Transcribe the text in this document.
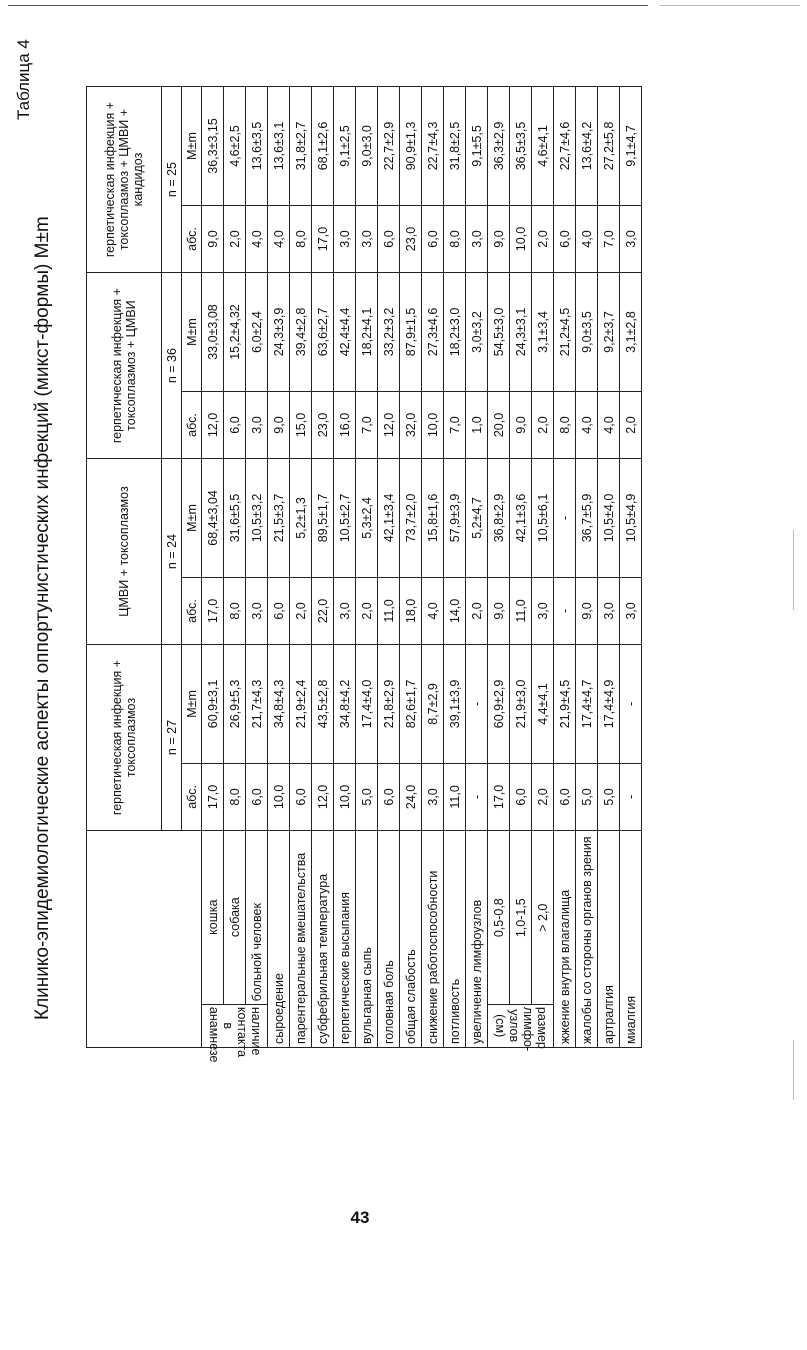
43
Таблица 4
Клинико-эпидемиологические аспекты оппортунистических инфекций (микст-формы) M±m
		герпетическая инфекция + токсоплазмоз		ЦМВИ + токсоплазмоз		герпетическая инфекция + токсоплазмоз + ЦМВИ		герпетическая инфекция + токсоплазмоз + ЦМВИ + кандидоз	
		n = 27		n = 24		n = 36		n = 25	
		абс.	M±m	абс.	M±m	абс.	M±m	абс.	M±m
наличие контакта в анамнезе	кошка	17,0	60,9±3,1	17,0	68,4±3,04	12,0	33,0±3,08	9,0	36,3±3,15
	собака	8,0	26,9±5,3	8,0	31,6±5,5	6,0	15,2±4,32	2,0	4,6±2,5
	больной человек	6,0	21,7±4,3	3,0	10,5±3,2	3,0	6,0±2,4	4,0	13,6±3,5
сыроедение		10,0	34,8±4,3	6,0	21,5±3,7	9,0	24,3±3,9	4,0	13,6±3,1
парентеральные вмешательства		6,0	21,9±2,4	2,0	5,2±1,3	15,0	39,4±2,8	8,0	31,8±2,7
субфебрильная температура		12,0	43,5±2,8	22,0	89,5±1,7	23,0	63,6±2,7	17,0	68,1±2,6
герпетические высыпания		10,0	34,8±4,2	3,0	10,5±2,7	16,0	42,4±4,4	3,0	9,1±2,5
вульгарная сыпь		5,0	17,4±4,0	2,0	5,3±2,4	7,0	18,2±4,1	3,0	9,0±3,0
головная боль		6,0	21,8±2,9	11,0	42,1±3,4	12,0	33,2±3,2	6,0	22,7±2,9
общая слабость		24,0	82,6±1,7	18,0	73,7±2,0	32,0	87,9±1,5	23,0	90,9±1,3
снижение работоспособности		3,0	8,7±2,9	4,0	15,8±1,6	10,0	27,3±4,6	6,0	22,7±4,3
потливость		11,0	39,1±3,9	14,0	57,9±3,9	7,0	18,2±3,0	8,0	31,8±2,5
увеличение лимфоузлов		-	-	2,0	5,2±4,7	1,0	3,0±3,2	3,0	9,1±5,5
размер лимфо-узлов (см)	0,5-0,8	17,0	60,9±2,9	9,0	36,8±2,9	20,0	54,5±3,0	9,0	36,3±2,9
	1,0-1,5	6,0	21,9±3,0	11,0	42,1±3,6	9,0	24,3±3,1	10,0	36,5±3,5
	> 2,0	2,0	4,4±4,1	3,0	10,5±6,1	2,0	3,1±3,4	2,0	4,6±4,1
жжение внутри влагалища		6,0	21,9±4,5	-	-	8,0	21,2±4,5	6,0	22,7±4,6
жалобы со стороны органов зрения		5,0	17,4±4,7	9,0	36,7±5,9	4,0	9,0±3,5	4,0	13,6±4,2
артралгия		5,0	17,4±4,9	3,0	10,5±4,0	4,0	9,2±3,7	7,0	27,2±5,8
миалгия		-	-	3,0	10,5±4,9	2,0	3,1±2,8	3,0	9,1±4,7
